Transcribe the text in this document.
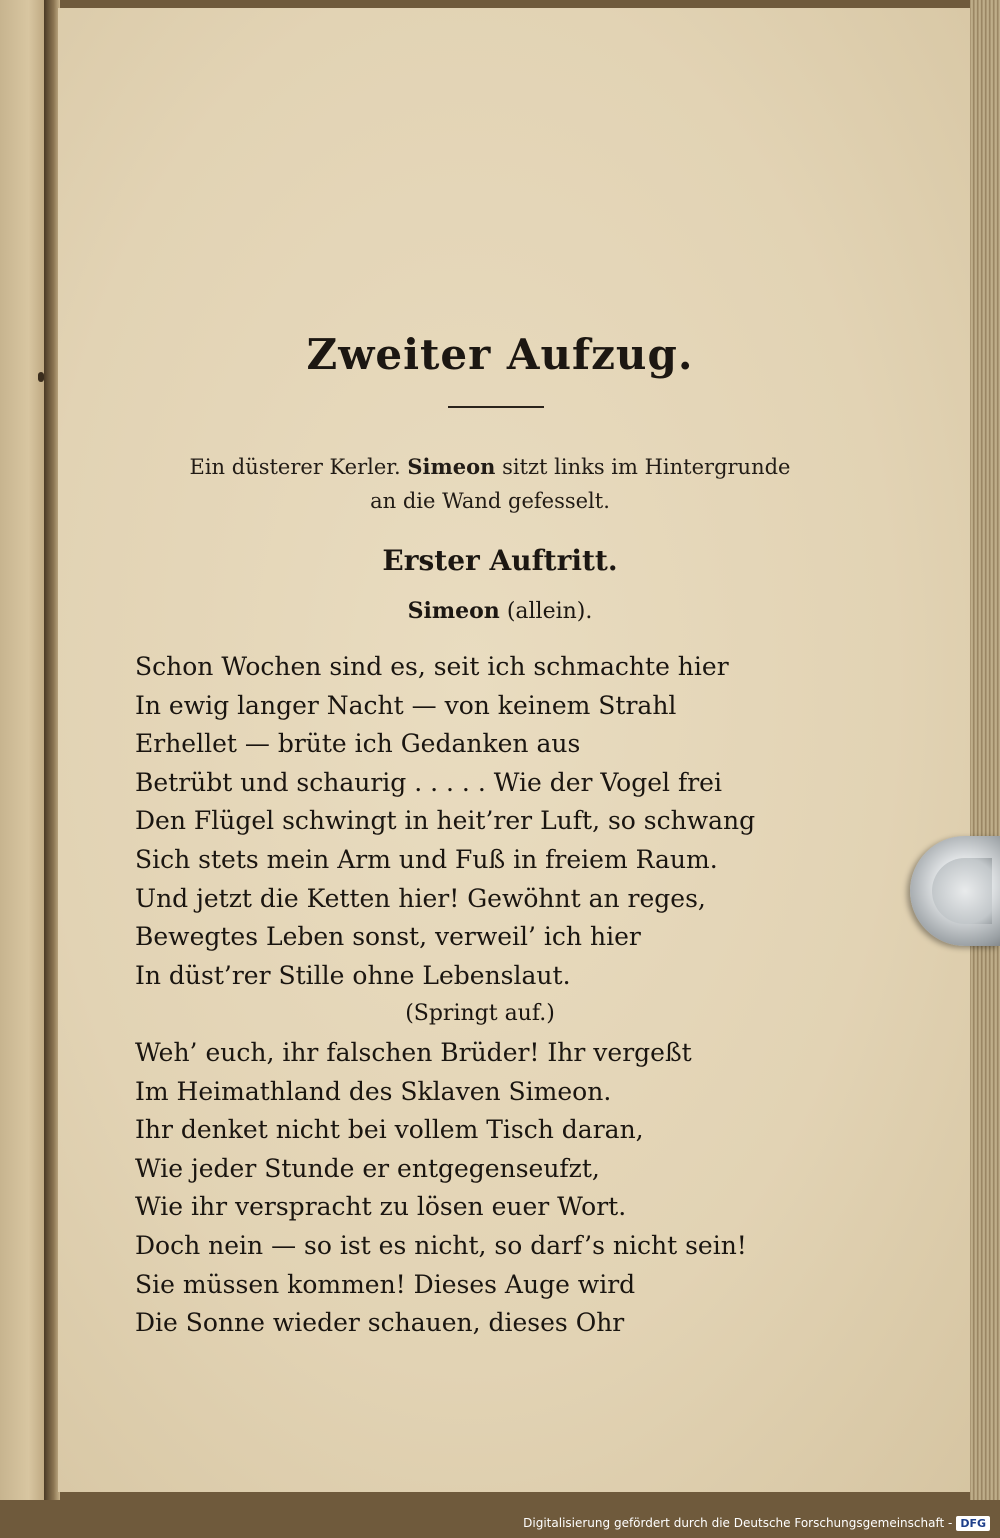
Zweiter Aufzug.
Ein düsterer Kerler. Simeon sitzt links im Hintergrunde
an die Wand gefesselt.
Erster Auftritt.
Simeon (allein).
Schon Wochen sind es, seit ich schmachte hier
In ewig langer Nacht — von keinem Strahl
Erhellet — brüte ich Gedanken aus
Betrübt und schaurig . . . . . Wie der Vogel frei
Den Flügel schwingt in heit’rer Luft, so schwang
Sich stets mein Arm und Fuß in freiem Raum.
Und jetzt die Ketten hier! Gewöhnt an reges,
Bewegtes Leben sonst, verweil’ ich hier
In düst’rer Stille ohne Lebenslaut.
(Springt auf.)
Weh’ euch, ihr falschen Brüder! Ihr vergeßt
Im Heimathland des Sklaven Simeon.
Ihr denket nicht bei vollem Tisch daran,
Wie jeder Stunde er entgegenseufzt,
Wie ihr verspracht zu lösen euer Wort.
Doch nein — so ist es nicht, so darf’s nicht sein!
Sie müssen kommen! Dieses Auge wird
Die Sonne wieder schauen, dieses Ohr
Digitalisierung gefördert durch die Deutsche Forschungsgemeinschaft - DFG
